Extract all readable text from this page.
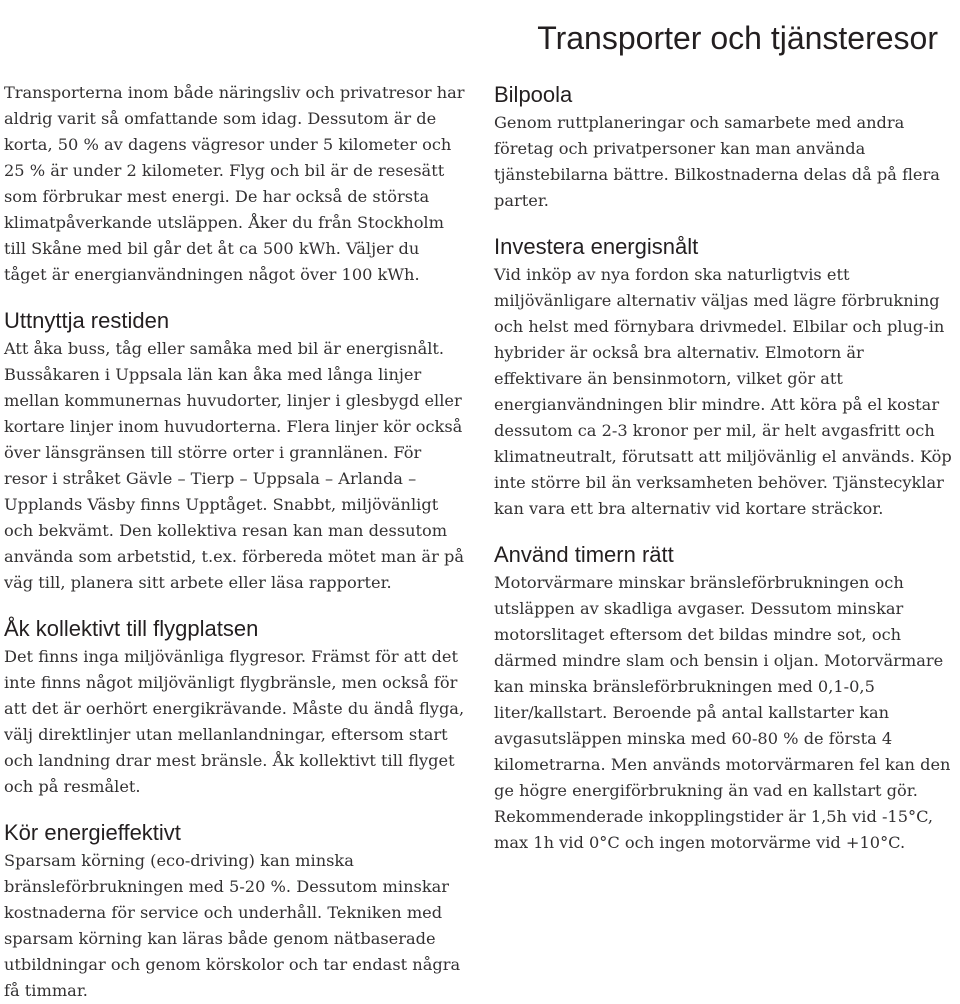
Transporter och tjänsteresor

Transporterna inom både näringsliv och privatresor har aldrig varit så omfattande som idag. Dessutom är de korta, 50 % av dagens vägresor under 5 kilometer och 25 % är under 2 kilometer. Flyg och bil är de resesätt som förbrukar mest energi. De har också de största klimatpåverkande utsläppen. Åker du från Stockholm till Skåne med bil går det åt ca 500 kWh. Väljer du tåget är energianvändningen något över 100 kWh.

Uttnyttja restiden

Att åka buss, tåg eller samåka med bil är energisnålt. Bussåkaren i Uppsala län kan åka med långa linjer mellan kommunernas huvudorter, linjer i glesbygd eller kortare linjer inom huvudorterna. Flera linjer kör också över länsgränsen till större orter i grannlänen. För resor i stråket Gävle – Tierp – Uppsala – Arlanda – Upplands Väsby finns Upptåget. Snabbt, miljövänligt och bekvämt. Den kollektiva resan kan man dessutom använda som arbetstid, t.ex. förbereda mötet man är på väg till, planera sitt arbete eller läsa rapporter.

Åk kollektivt till flygplatsen

Det finns inga miljövänliga flygresor. Främst för att det inte finns något miljövänligt flygbränsle, men också för att det är oerhört energikrävande. Måste du ändå flyga, välj direktlinjer utan mellanlandningar, eftersom start och landning drar mest bränsle. Åk kollektivt till flyget och på resmålet.

Kör energieffektivt

Sparsam körning (eco-driving) kan minska bränsleförbrukningen med 5-20 %. Dessutom minskar kostnaderna för service och underhåll. Tekniken med sparsam körning kan läras både genom nätbaserade utbildningar och genom körskolor och tar endast några få timmar.

Bilpoola

Genom ruttplaneringar och samarbete med andra företag och privatpersoner kan man använda tjänstebilarna bättre. Bilkostnaderna delas då på flera parter.

Investera energisnålt

Vid inköp av nya fordon ska naturligtvis ett miljövänligare alternativ väljas med lägre förbrukning och helst med förnybara drivmedel. Elbilar och plug-in hybrider är också bra alternativ. Elmotorn är effektivare än bensinmotorn, vilket gör att energianvändningen blir mindre. Att köra på el kostar dessutom ca 2-3 kronor per mil, är helt avgasfritt och klimatneutralt, förutsatt att miljövänlig el används. Köp inte större bil än verksamheten behöver. Tjänstecyklar kan vara ett bra alternativ vid kortare sträckor.

Använd timern rätt

Motorvärmare minskar bränsleförbrukningen och utsläppen av skadliga avgaser. Dessutom minskar motorslitaget eftersom det bildas mindre sot, och därmed mindre slam och bensin i oljan. Motorvärmare kan minska bränsleförbrukningen med 0,1-0,5 liter/kallstart. Beroende på antal kallstarter kan avgasutsläppen minska med 60-80 % de första 4 kilometrarna. Men används motorvärmaren fel kan den ge högre energiförbrukning än vad en kallstart gör. Rekommenderade inkopplingstider är 1,5h vid -15°C, max 1h vid 0°C och ingen motorvärme vid +10°C.
